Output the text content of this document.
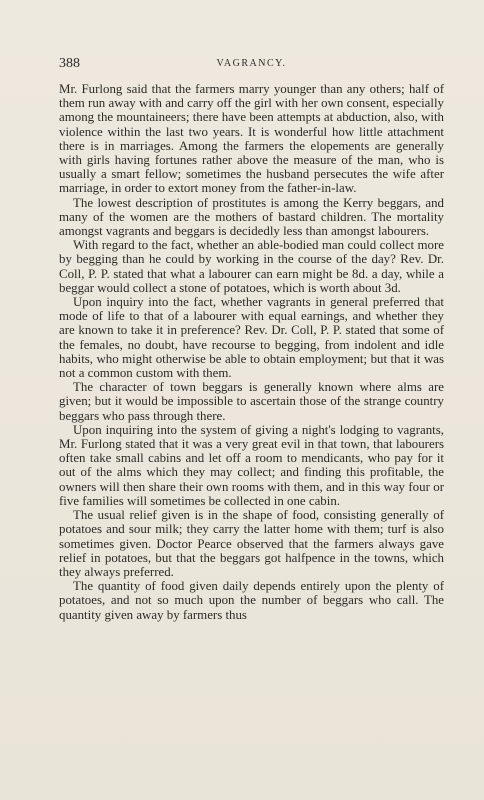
388	VAGRANCY.

Mr. Furlong said that the farmers marry younger than any others; half of them run away with and carry off the girl with her own consent, especially among the mountaineers; there have been attempts at abduction, also, with violence within the last two years. It is wonderful how little attachment there is in marriages. Among the farmers the elopements are generally with girls having fortunes rather above the measure of the man, who is usually a smart fellow; sometimes the husband persecutes the wife after marriage, in order to extort money from the father-in-law.

The lowest description of prostitutes is among the Kerry beggars, and many of the women are the mothers of bastard children. The mortality amongst vagrants and beggars is decidedly less than amongst labourers.

With regard to the fact, whether an able-bodied man could collect more by begging than he could by working in the course of the day? Rev. Dr. Coll, P. P. stated that what a labourer can earn might be 8d. a day, while a beggar would collect a stone of potatoes, which is worth about 3d.

Upon inquiry into the fact, whether vagrants in general preferred that mode of life to that of a labourer with equal earnings, and whether they are known to take it in preference? Rev. Dr. Coll, P. P. stated that some of the females, no doubt, have recourse to begging, from indolent and idle habits, who might otherwise be able to obtain employment; but that it was not a common custom with them.

The character of town beggars is generally known where alms are given; but it would be impossible to ascertain those of the strange country beggars who pass through there.

Upon inquiring into the system of giving a night's lodging to vagrants, Mr. Furlong stated that it was a very great evil in that town, that labourers often take small cabins and let off a room to mendicants, who pay for it out of the alms which they may collect; and finding this profitable, the owners will then share their own rooms with them, and in this way four or five families will sometimes be collected in one cabin.

The usual relief given is in the shape of food, consisting generally of potatoes and sour milk; they carry the latter home with them; turf is also sometimes given. Doctor Pearce observed that the farmers always gave relief in potatoes, but that the beggars got halfpence in the towns, which they always preferred.

The quantity of food given daily depends entirely upon the plenty of potatoes, and not so much upon the number of beggars who call. The quantity given away by farmers thus
